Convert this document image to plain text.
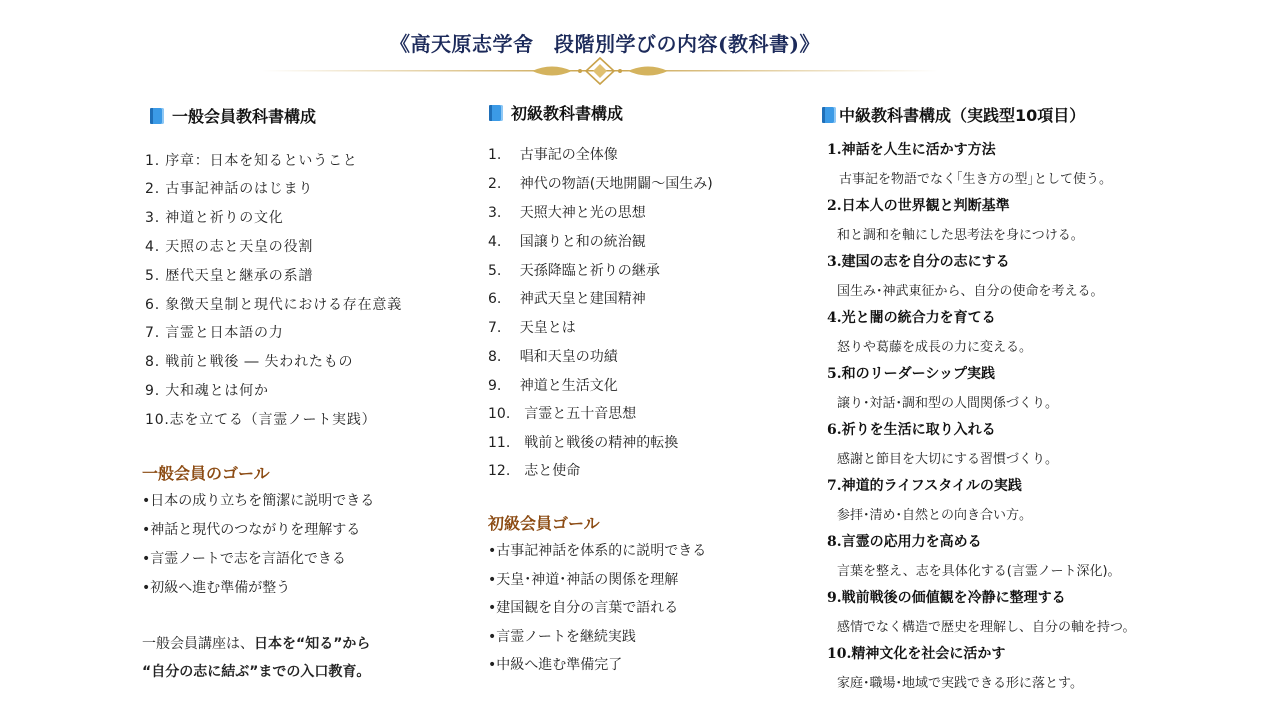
《高天原志学舍　段階別学びの内容(教科書)》
一般会員教科書構成
1. 序章：日本を知るということ
2. 古事記神話のはじまり
3. 神道と祈りの文化
4. 天照の志と天皇の役割
5. 歴代天皇と継承の系譜
6. 象徴天皇制と現代における存在意義
7. 言霊と日本語の力
8. 戦前と戦後 ― 失われたもの
9. 大和魂とは何か
10.志を立てる（言霊ノート実践）
一般会員のゴール
•日本の成り立ちを簡潔に説明できる
•神話と現代のつながりを理解する
•言霊ノートで志を言語化できる
•初級へ進む準備が整う
一般会員講座は、日本を“知る”から
“自分の志に結ぶ”までの入口教育。
初級教科書構成
1.　 古事記の全体像
2.　 神代の物語(天地開闢～国生み)
3.　 天照大神と光の思想
4.　 国譲りと和の統治観
5.　 天孫降臨と祈りの継承
6.　 神武天皇と建国精神
7.　 天皇とは
8.　 唱和天皇の功績
9.　 神道と生活文化
10.　言霊と五十音思想
11.　戦前と戦後の精神的転換
12.　志と使命
初級会員ゴール
•古事記神話を体系的に説明できる
•天皇･神道･神話の関係を理解
•建国観を自分の言葉で語れる
•言霊ノートを継続実践
•中級へ進む準備完了
中級教科書構成（実践型10項目）
1.神話を人生に活かす方法
古事記を物語でなく｢生き方の型｣として使う。
2.日本人の世界観と判断基準
和と調和を軸にした思考法を身につける。
3.建国の志を自分の志にする
国生み･神武東征から、自分の使命を考える。
4.光と闇の統合力を育てる
怒りや葛藤を成長の力に変える。
5.和のリーダーシップ実践
譲り･対話･調和型の人間関係づくり。
6.祈りを生活に取り入れる
感謝と節目を大切にする習慣づくり。
7.神道的ライフスタイルの実践
参拝･清め･自然との向き合い方。
8.言霊の応用力を高める
言葉を整え、志を具体化する(言霊ノート深化)。
9.戦前戦後の価値観を冷静に整理する
感情でなく構造で歴史を理解し、自分の軸を持つ。
10.精神文化を社会に活かす
家庭･職場･地域で実践できる形に落とす。
